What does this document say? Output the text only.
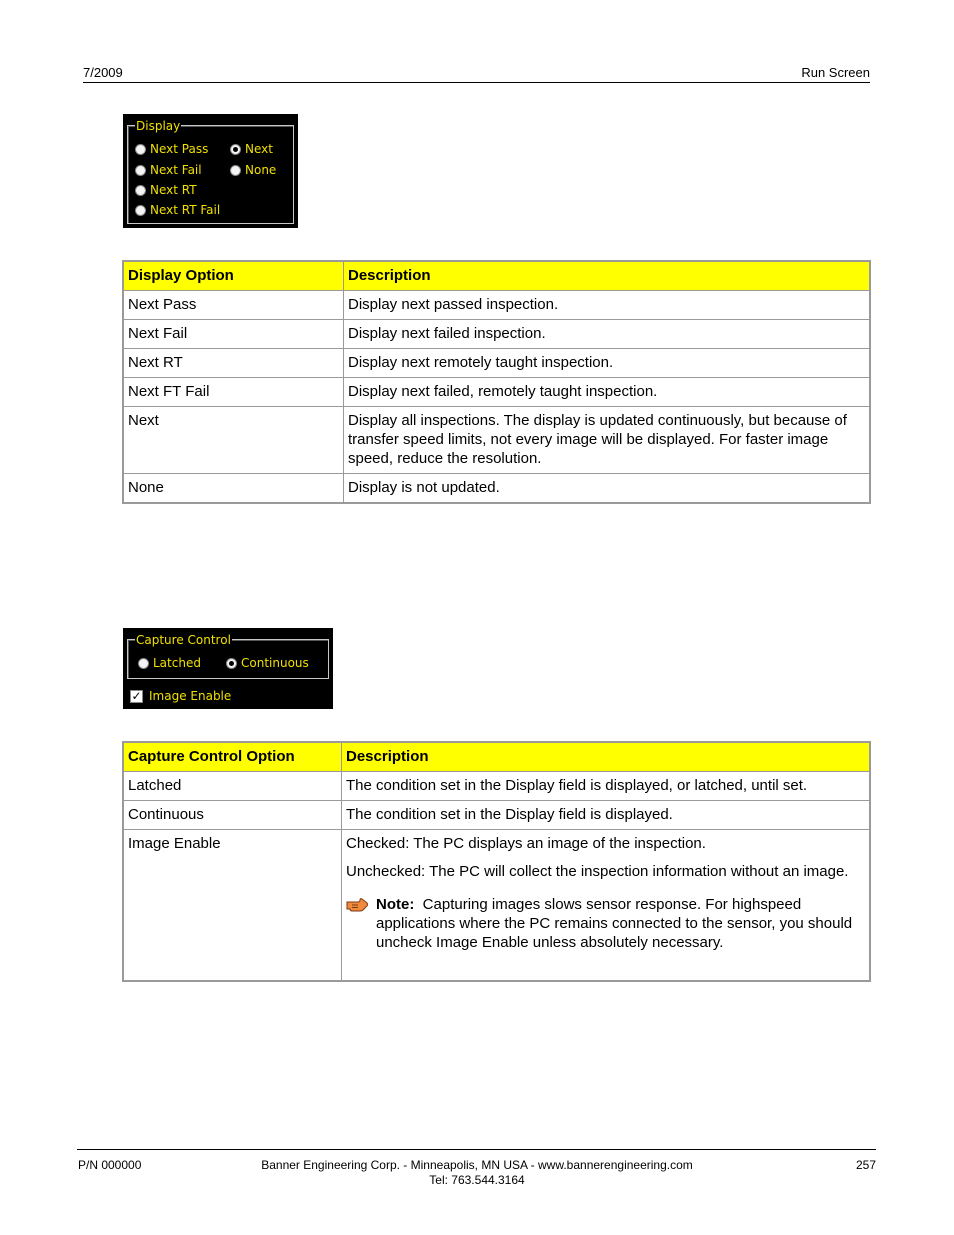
7/2009	Run Screen
Display
Next Pass	Next
Next Fail	None
Next RT
Next RT Fail
Display Option	Description
Next Pass	Display next passed inspection.
Next Fail	Display next failed inspection.
Next RT	Display next remotely taught inspection.
Next FT Fail	Display next failed, remotely taught inspection.
Next	Display all inspections. The display is updated continuously, but because of transfer speed limits, not every image will be displayed. For faster image speed, reduce the resolution.
None	Display is not updated.
Capture Control
Latched	Continuous
✓ Image Enable
Capture Control Option	Description
Latched	The condition set in the Display field is displayed, or latched, until set.
Continuous	The condition set in the Display field is displayed.
Image Enable	Checked: The PC displays an image of the inspection.

Unchecked: The PC will collect the inspection information without an image.

Note: Capturing images slows sensor response. For highspeed applications where the PC remains connected to the sensor, you should uncheck Image Enable unless absolutely necessary.
P/N 000000	Banner Engineering Corp. - Minneapolis, MN USA - www.bannerengineering.com
Tel: 763.544.3164
257
